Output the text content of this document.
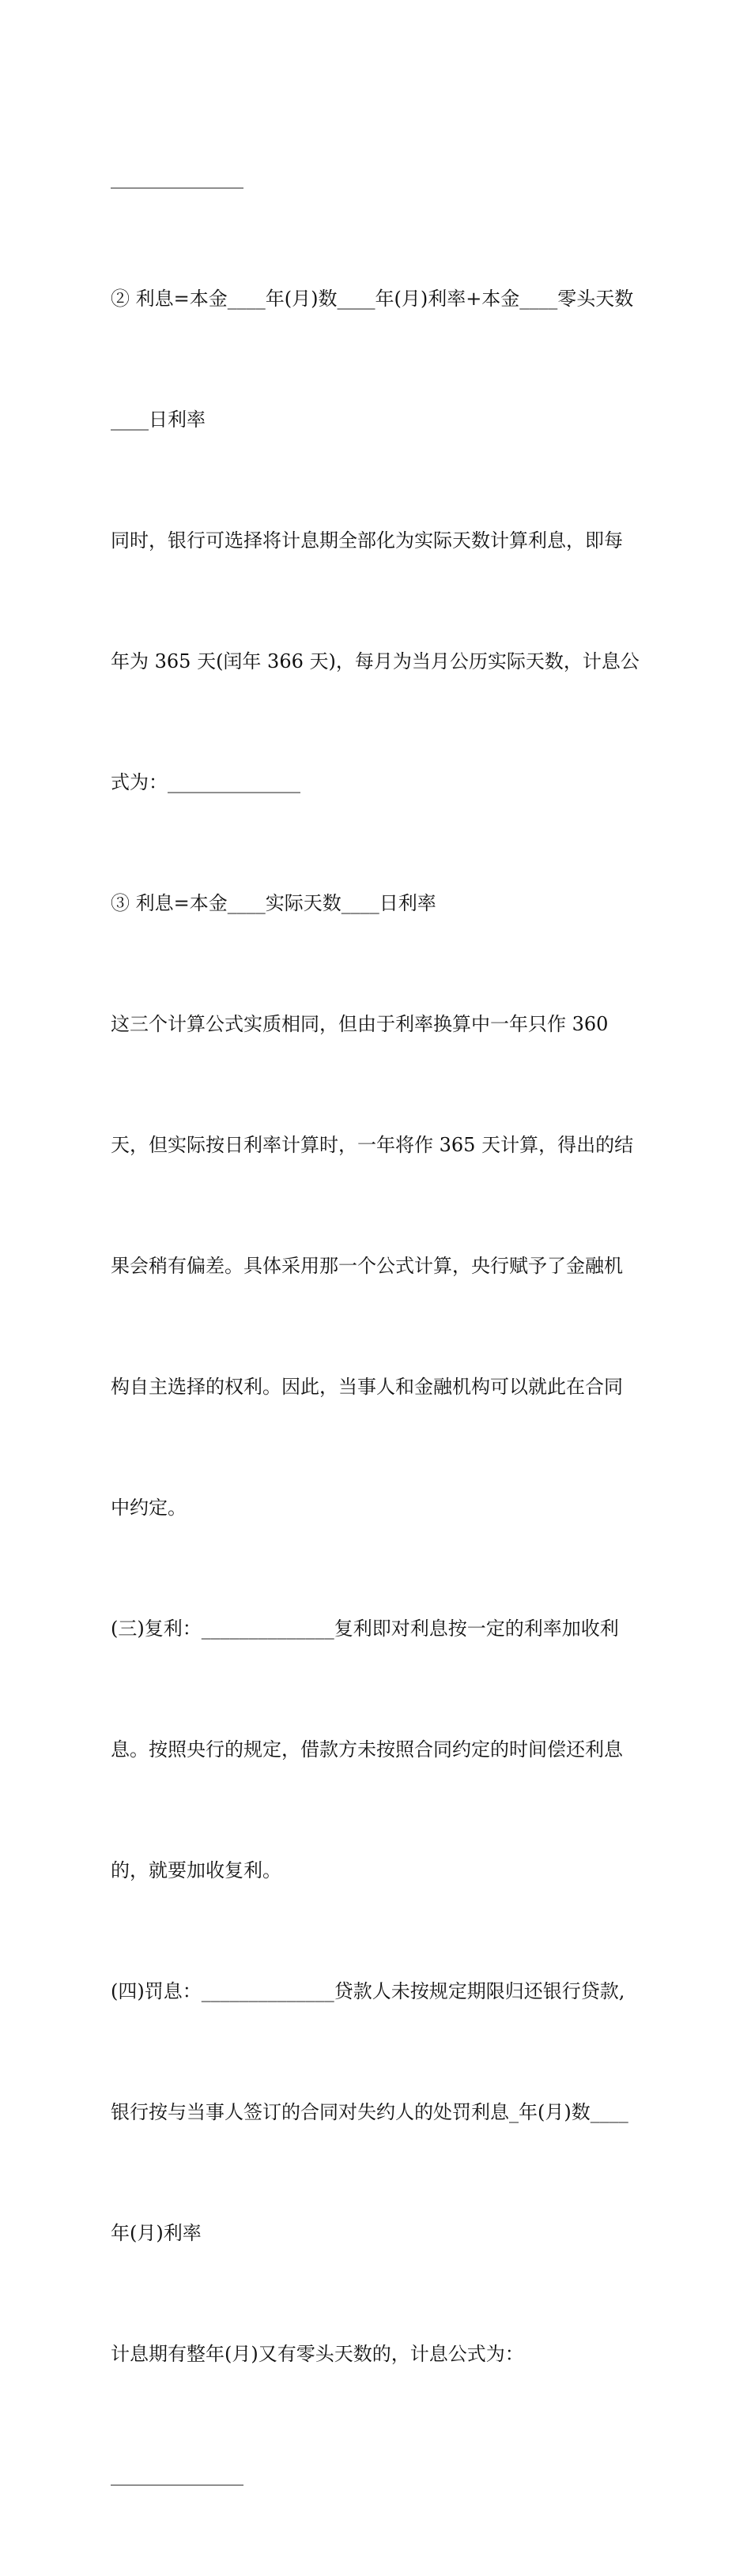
______________

② 利息=本金____年(月)数____年(月)利率+本金____零头天数

____日利率

同时，银行可选择将计息期全部化为实际天数计算利息，即每

年为 365 天(闰年 366 天)，每月为当月公历实际天数，计息公

式为：______________

③ 利息=本金____实际天数____日利率

这三个计算公式实质相同，但由于利率换算中一年只作 360

天，但实际按日利率计算时，一年将作 365 天计算，得出的结

果会稍有偏差。具体采用那一个公式计算，央行赋予了金融机

构自主选择的权利。因此，当事人和金融机构可以就此在合同

中约定。

(三)复利：______________复利即对利息按一定的利率加收利

息。按照央行的规定，借款方未按照合同约定的时间偿还利息

的，就要加收复利。

(四)罚息：______________贷款人未按规定期限归还银行贷款,

银行按与当事人签订的合同对失约人的处罚利息_年(月)数____

年(月)利率

计息期有整年(月)又有零头天数的，计息公式为：

______________
